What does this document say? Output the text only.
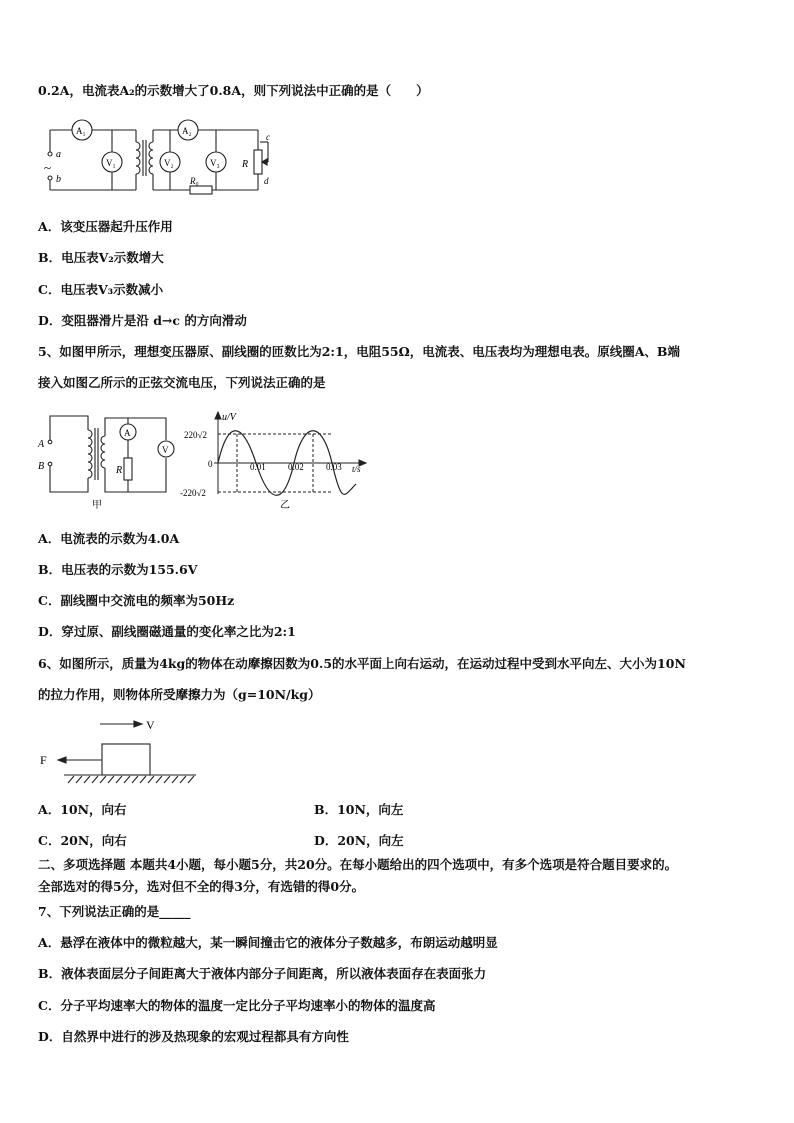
0.2A，电流表A₂的示数增大了0.8A，则下列说法中正确的是（　　）
~
a
b
A₁	A₂
V₁	V₂	V₃
R₀
R
c
d
A．该变压器起升压作用
B．电压表V₂示数增大
C．电压表V₃示数减小
D．变阻器滑片是沿 d→c 的方向滑动
5、如图甲所示，理想变压器原、副线圈的匝数比为2:1，电阻55Ω，电流表、电压表均为理想电表。原线圈A、B端
接入如图乙所示的正弦交流电压，下列说法正确的是
A
B	R
A
V
甲
u/V
220√2
-220√2
0	0.01 0.02 0.03 t/s
乙
A．电流表的示数为4.0A
B．电压表的示数为155.6V
C．副线圈中交流电的频率为50Hz
D．穿过原、副线圈磁通量的变化率之比为2:1
6、如图所示，质量为4kg的物体在动摩擦因数为0.5的水平面上向右运动，在运动过程中受到水平向左、大小为10N
的拉力作用，则物体所受摩擦力为（g=10N/kg）
V
F
A．10N，向右	B．10N，向左
C．20N，向右	D．20N，向左
二、多项选择题 本题共4小题，每小题5分，共20分。在每小题给出的四个选项中，有多个选项是符合题目要求的。
全部选对的得5分，选对但不全的得3分，有选错的得0分。
7、下列说法正确的是_____
A．悬浮在液体中的微粒越大，某一瞬间撞击它的液体分子数越多，布朗运动越明显
B．液体表面层分子间距离大于液体内部分子间距离，所以液体表面存在表面张力
C．分子平均速率大的物体的温度一定比分子平均速率小的物体的温度高
D．自然界中进行的涉及热现象的宏观过程都具有方向性
